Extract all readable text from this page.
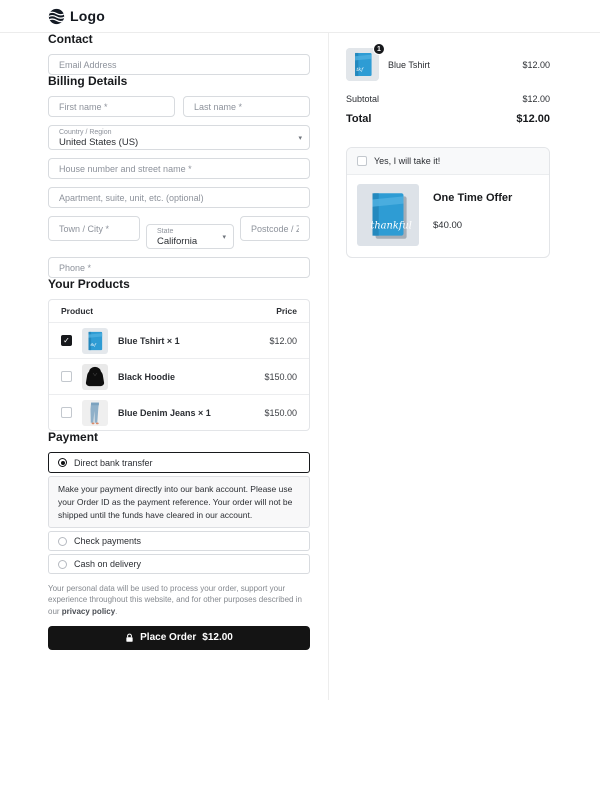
Logo
Contact
Email Address
Billing Details
First name *
Last name *
Country / Region
United States (US)	▾
House number and street name *
Apartment, suite, unit, etc. (optional)
Town / City *
State
California	▾
Postcode / ZIP *
Phone *
Your Products
Product	Price
✓	tkf Blue Tshirt × 1	$12.00
Black Hoodie	$150.00
Blue Denim Jeans × 1	$150.00
Payment
Direct bank transfer
Make your payment directly into our bank account. Please use your Order ID as the payment reference. Your order will not be shipped until the funds have cleared in our account.
Check payments
Cash on delivery

Your personal data will be used to process your order, support your experience throughout this website, and for other purposes described in our privacy policy.

Place Order $12.00
tkf
1
Blue Tshirt	$12.00
Subtotal	$12.00
Total	$12.00
Yes, I will take it!
thankful
One Time Offer
$40.00
